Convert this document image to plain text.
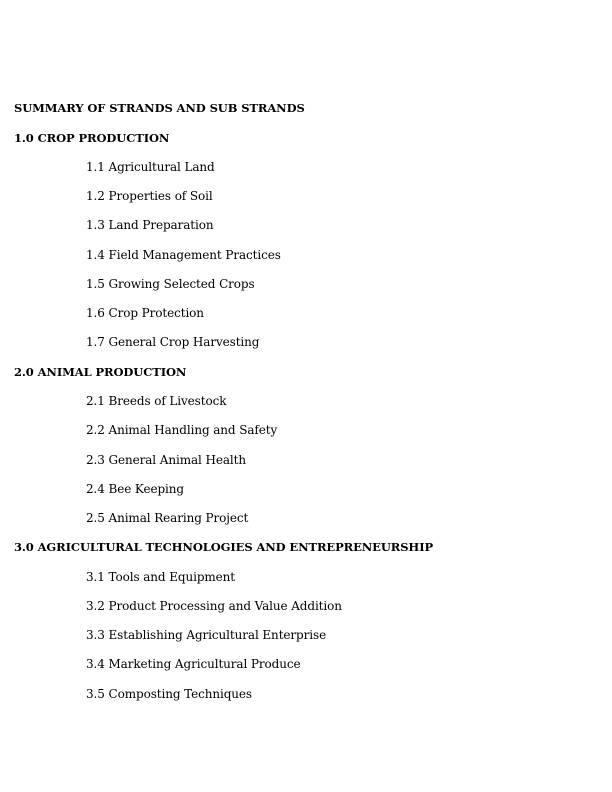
SUMMARY OF STRANDS AND SUB STRANDS
1.0 CROP PRODUCTION
1.1 Agricultural Land
1.2 Properties of Soil
1.3 Land Preparation
1.4 Field Management Practices
1.5 Growing Selected Crops
1.6 Crop Protection
1.7 General Crop Harvesting
2.0 ANIMAL PRODUCTION
2.1 Breeds of Livestock
2.2 Animal Handling and Safety
2.3 General Animal Health
2.4 Bee Keeping
2.5 Animal Rearing Project
3.0 AGRICULTURAL TECHNOLOGIES AND ENTREPRENEURSHIP
3.1 Tools and Equipment
3.2 Product Processing and Value Addition
3.3 Establishing Agricultural Enterprise
3.4 Marketing Agricultural Produce
3.5 Composting Techniques
